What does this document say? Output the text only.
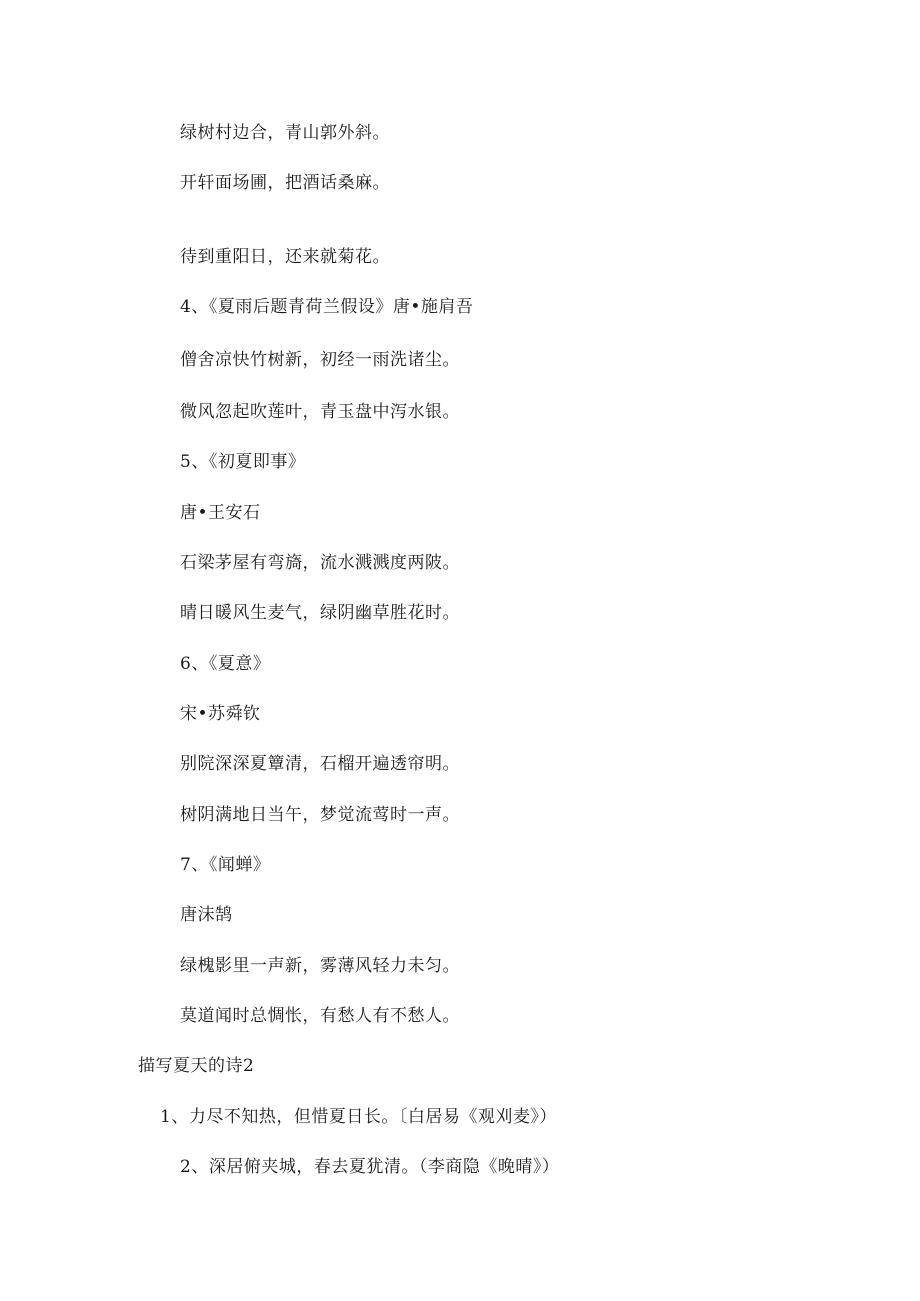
绿树村边合，青山郭外斜。
开轩面场圃，把酒话桑麻。
待到重阳日，还来就菊花。
4、《夏雨后题青荷兰假设》唐•施肩吾
僧舍凉快竹树新，初经一雨洗诸尘。
微风忽起吹莲叶，青玉盘中泻水银。
5、《初夏即事》
唐•王安石
石梁茅屋有弯旖，流水溅溅度两陂。
晴日暖风生麦气，绿阴幽草胜花时。
6、《夏意》
宋•苏舜钦
别院深深夏簟清，石榴开遍透帘明。
树阴满地日当午，梦觉流莺时一声。
7、《闻蝉》
唐沫鹄
绿槐影里一声新，雾薄风轻力未匀。
莫道闻时总惆怅，有愁人有不愁人。
描写夏天的诗2
1、力尽不知热，但惜夏日长。〔白居易《观刈麦》）
2、深居俯夹城，春去夏犹清。（李商隐《晚晴》）
